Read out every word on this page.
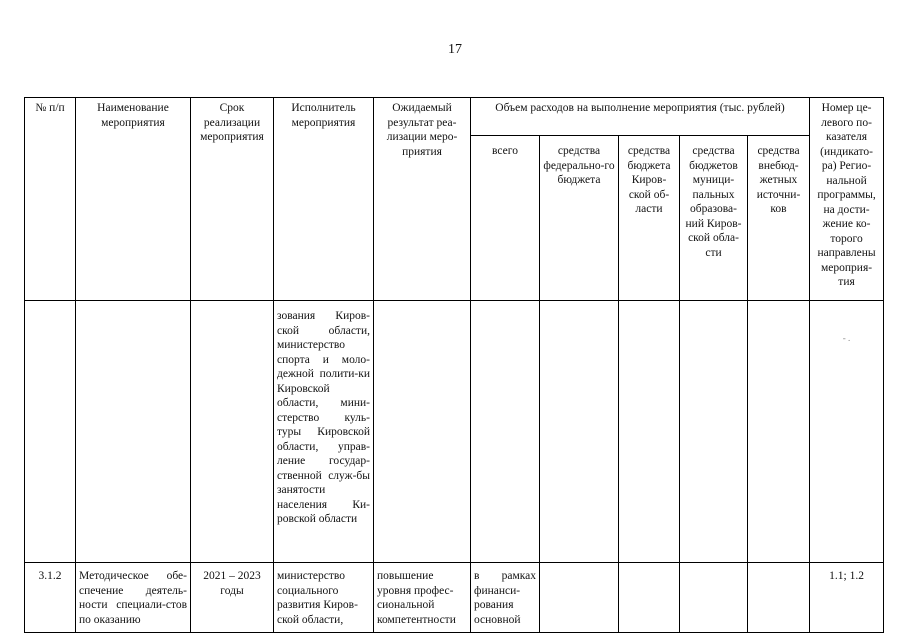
17
№ п/п	Наименование мероприятия	Срок реализации мероприятия	Исполнитель мероприятия	Ожидаемый результат реа-лизации меро-приятия	Объем расходов на выполнение мероприятия (тыс. рублей)					Номер це-левого по-казателя (индикато-ра) Регио-нальной программы, на дости-жение ко-торого направлены мероприя-тия
					всего	средства федерально-го бюджета	средства бюджета Киров-ской об-ласти	средства бюджетов муници-пальных образова-ний Киров-ской обла-сти	средства внебюд-жетных источни-ков	
			зования Киров-ской области, министерство спорта и моло-дежной полити-ки Кировской области, мини-стерство куль-туры Кировской области, управ-ление государ-ственной служ-бы занятости населения Ки-ровской области							- .
3.1.2	Методическое обе-спечение деятель-ности специали-стов по оказанию	2021 – 2023 годы	министерство социального развития Киров-ской области,	повышение уровня профес-сиональной компетентности	в рамках финанси-рования основной					1.1; 1.2
